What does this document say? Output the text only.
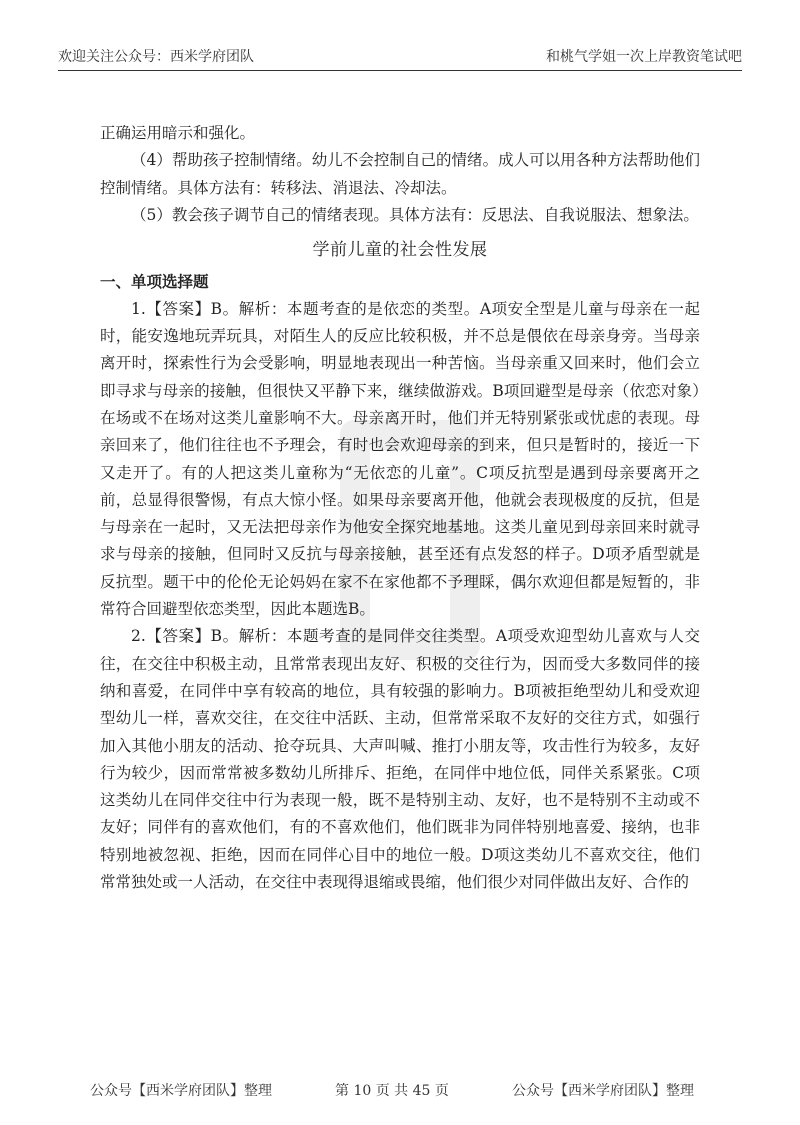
欢迎关注公众号：西米学府团队	和桃气学姐一次上岸教资笔试吧

正确运用暗示和强化。

（4）帮助孩子控制情绪。幼儿不会控制自己的情绪。成人可以用各种方法帮助他们控制情绪。具体方法有：转移法、消退法、冷却法。

（5）教会孩子调节自己的情绪表现。具体方法有：反思法、自我说服法、想象法。

学前儿童的社会性发展

一、单项选择题

1.【答案】B。解析：本题考查的是依恋的类型。A项安全型是儿童与母亲在一起时，能安逸地玩弄玩具，对陌生人的反应比较积极，并不总是偎依在母亲身旁。当母亲离开时，探索性行为会受影响，明显地表现出一种苦恼。当母亲重又回来时，他们会立即寻求与母亲的接触，但很快又平静下来，继续做游戏。B项回避型是母亲（依恋对象）在场或不在场对这类儿童影响不大。母亲离开时，他们并无特别紧张或忧虑的表现。母亲回来了，他们往往也不予理会，有时也会欢迎母亲的到来，但只是暂时的，接近一下又走开了。有的人把这类儿童称为“无依恋的儿童”。C项反抗型是遇到母亲要离开之前，总显得很警惕，有点大惊小怪。如果母亲要离开他，他就会表现极度的反抗，但是与母亲在一起时，又无法把母亲作为他安全探究地基地。这类儿童见到母亲回来时就寻求与母亲的接触，但同时又反抗与母亲接触，甚至还有点发怒的样子。D项矛盾型就是反抗型。题干中的伦伦无论妈妈在家不在家他都不予理睬，偶尔欢迎但都是短暂的，非常符合回避型依恋类型，因此本题选B。

2.【答案】B。解析：本题考查的是同伴交往类型。A项受欢迎型幼儿喜欢与人交往，在交往中积极主动，且常常表现出友好、积极的交往行为，因而受大多数同伴的接纳和喜爱，在同伴中享有较高的地位，具有较强的影响力。B项被拒绝型幼儿和受欢迎型幼儿一样，喜欢交往，在交往中活跃、主动，但常常采取不友好的交往方式，如强行加入其他小朋友的活动、抢夺玩具、大声叫喊、推打小朋友等，攻击性行为较多，友好行为较少，因而常常被多数幼儿所排斥、拒绝，在同伴中地位低，同伴关系紧张。C项这类幼儿在同伴交往中行为表现一般，既不是特别主动、友好，也不是特别不主动或不友好；同伴有的喜欢他们，有的不喜欢他们，他们既非为同伴特别地喜爱、接纳，也非特别地被忽视、拒绝，因而在同伴心目中的地位一般。D项这类幼儿不喜欢交往，他们常常独处或一人活动，在交往中表现得退缩或畏缩，他们很少对同伴做出友好、合作的

公众号【西米学府团队】整理	第 10 页 共 45 页	公众号【西米学府团队】整理
